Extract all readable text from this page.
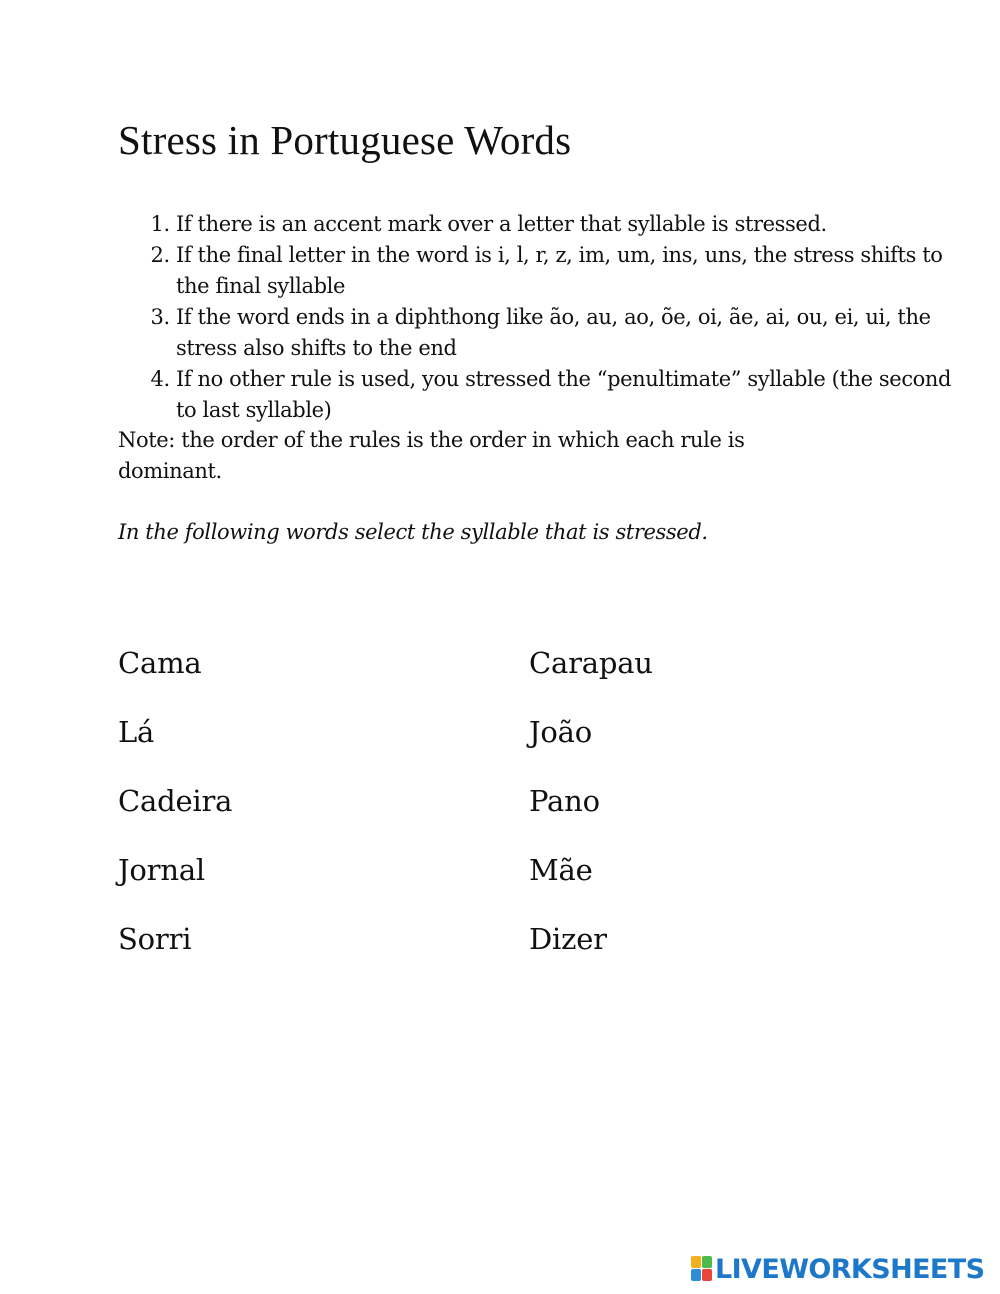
Stress in Portuguese Words
1. If there is an accent mark over a letter that syllable is stressed.
2. If the final letter in the word is i, l, r, z, im, um, ins, uns, the stress shifts to the final syllable
3. If the word ends in a diphthong like ão, au, ao, õe, oi, ãe, ai, ou, ei, ui, the stress also shifts to the end
4. If no other rule is used, you stressed the “penultimate” syllable (the second to last syllable)

Note: the order of the rules is the order in which each rule is dominant.

In the following words select the syllable that is stressed.

Cama
Lá
Cadeira
Jornal
Sorri
Carapau
João
Pano
Mãe
Dizer
LIVEWORKSHEETS
